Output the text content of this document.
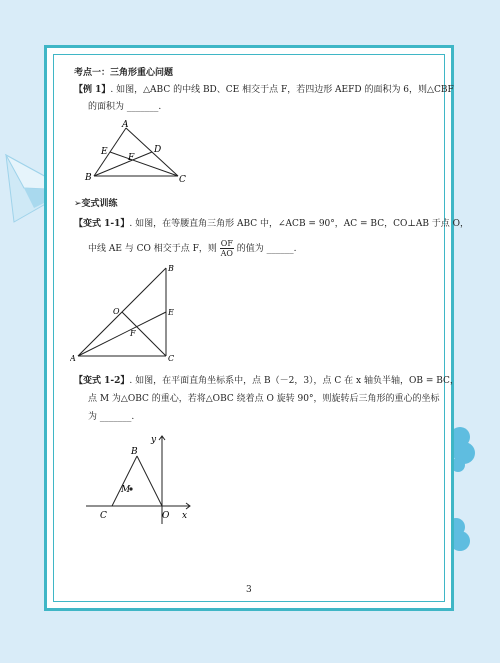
考点一：三角形重心问题
【例 1】. 如图，△ABC 的中线 BD、CE 相交于点 F，若四边形 AEFD 的面积为 6，则△CBF
的面积为 _______.
A
B	C
D
E
F
➢变式训练
【变式 1-1】. 如图，在等腰直角三角形 ABC 中，∠ACB = 90°，AC = BC，CO⊥AB 于点 O，
中线 AE 与 CO 相交于点 F，则 $\frac{OF}{AO}$ 的值为 ______.
A
B
C
E
O
F
【变式 1-2】. 如图，在平面直角坐标系中，点 B（－2，3），点 C 在 x 轴负半轴，OB = BC，
点 M 为△OBC 的重心，若将△OBC 绕着点 O 旋转 90°，则旋转后三角形的重心的坐标
为 _______.
B
C	O
M
x
y
3
